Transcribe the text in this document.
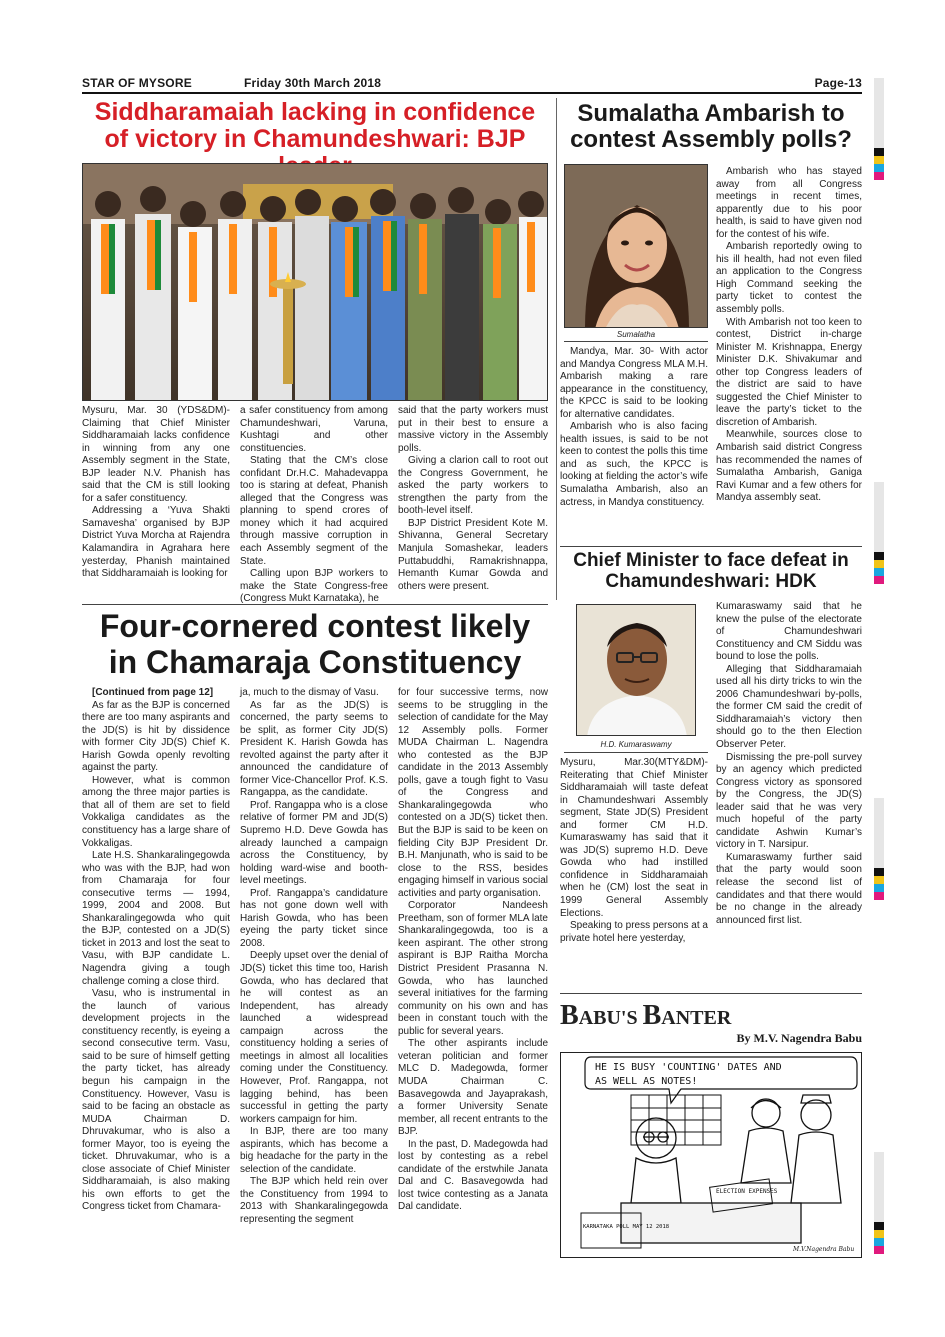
STAR OF MYSORE	Friday 30th March 2018	Page-13
Siddharamaiah lacking in confidence of victory in Chamundeshwari: BJP

Mysuru, Mar. 30 (YDS&DM)- Claiming that Chief Minister Siddharamaiah lacks confidence in winning from any one Assembly segment in the State, BJP leader N.V. Phanish has said that the CM is still looking for a safer constituency.

Addressing a ‘Yuva Shakti Samavesha’ organised by BJP District Yuva Morcha at Rajendra Kalamandira in Agrahara here yesterday, Phanish maintained that Siddharamaiah is looking for

a safer constituency from among Chamundeshwari, Varuna, Kushtagi and other constituencies.

Stating that the CM’s close confidant Dr.H.C. Mahadevappa too is staring at defeat, Phanish alleged that the Congress was planning to spend crores of money which it had acquired through massive corruption in each Assembly segment of the State.

Calling upon BJP workers to make the State Congress-free (Congress Mukt Karnataka), he

said that the party workers must put in their best to ensure a massive victory in the Assembly polls.

Giving a clarion call to root out the Congress Government, he asked the party workers to strengthen the party from the booth-level itself.

BJP District President Kote M. Shivanna, General Secretary Manjula Somashekar, leaders Puttabuddhi, Ramakrishnappa, Hemanth Kumar Gowda and others were present.

Sumalatha Ambarish to contest Assembly polls?
Sumalatha

Mandya, Mar. 30- With actor and Mandya Congress MLA M.H. Ambarish making a rare appearance in the constituency, the KPCC is said to be looking for alternative candidates.

Ambarish who is also facing health issues, is said to be not keen to contest the polls this time and as such, the KPCC is looking at fielding the actor’s wife Sumalatha Ambarish, also an actress, in Mandya constituency.

Ambarish who has stayed away from all Congress meetings in recent times, apparently due to his poor health, is said to have given nod for the contest of his wife.

Ambarish reportedly owing to his ill health, had not even filed an application to the Congress High Command seeking the party ticket to contest the assembly polls.

With Ambarish not too keen to contest, District in-charge Minister M. Krishnappa, Energy Minister D.K. Shivakumar and other top Congress leaders of the district are said to have suggested the Chief Minister to leave the party’s ticket to the discretion of Ambarish.

Meanwhile, sources close to Ambarish said district Congress has recommended the names of Sumalatha Ambarish, Ganiga Ravi Kumar and a few others for Mandya assembly seat.

Chief Minister to face defeat in Chamundeshwari: HDK
H.D. Kumaraswamy

Mysuru, Mar.30(MTY&DM)- Reiterating that Chief Minister Siddharamaiah will taste defeat in Chamundeshwari Assembly segment, State JD(S) President and former CM H.D. Kumaraswamy has said that it was JD(S) supremo H.D. Deve Gowda who had instilled confidence in Siddharamaiah when he (CM) lost the seat in 1999 General Assembly Elections.

Speaking to press persons at a private hotel here yesterday,

Kumaraswamy said that he knew the pulse of the electorate of Chamundeshwari Constituency and CM Siddu was bound to lose the polls.

Alleging that Siddharamaiah used all his dirty tricks to win the 2006 Chamundeshwari by-polls, the former CM said the credit of Siddharamaiah’s victory then should go to the then Election Observer Peter.

Dismissing the pre-poll survey by an agency which predicted Congress victory as sponsored by the Congress, the JD(S) leader said that he was very much hopeful of the party candidate Ashwin Kumar’s victory in T. Narsipur.

Kumaraswamy further said that the party would soon release the second list of candidates and that there would be no change in the already announced first list.

Four-cornered contest likely in Chamaraja Constituency

[Continued from page 12]

As far as the BJP is concerned there are too many aspirants and the JD(S) is hit by dissidence with former City JD(S) Chief K. Harish Gowda openly revolting against the party.

However, what is common among the three major parties is that all of them are set to field Vokkaliga candidates as the constituency has a large share of Vokkaligas.

Late H.S. Shankaralingegowda who was with the BJP, had won from Chamaraja for four consecutive terms — 1994, 1999, 2004 and 2008. But Shankaralingegowda who quit the BJP, contested on a JD(S) ticket in 2013 and lost the seat to Vasu, with BJP candidate L. Nagendra giving a tough challenge coming a close third.

Vasu, who is instrumental in the launch of various development projects in the constituency recently, is eyeing a second consecutive term. Vasu, said to be sure of himself getting the party ticket, has already begun his campaign in the Constituency. However, Vasu is said to be facing an obstacle as MUDA Chairman D. Dhruvakumar, who is also a former Mayor, too is eyeing the ticket. Dhruvakumar, who is a close associate of Chief Minister Siddharamaiah, is also making his own efforts to get the Congress ticket from Chamara-

ja, much to the dismay of Vasu.

As far as the JD(S) is concerned, the party seems to be split, as former City JD(S) President K. Harish Gowda has revolted against the party after it announced the candidature of former Vice-Chancellor Prof. K.S. Rangappa, as the candidate.

Prof. Rangappa who is a close relative of former PM and JD(S) Supremo H.D. Deve Gowda has already launched a campaign across the Constituency, by holding ward-wise and booth-level meetings.

Prof. Rangappa’s candidature has not gone down well with Harish Gowda, who has been eyeing the party ticket since 2008.

Deeply upset over the denial of JD(S) ticket this time too, Harish Gowda, who has declared that he will contest as an Independent, has already launched a widespread campaign across the constituency holding a series of meetings in almost all localities coming under the Constituency. However, Prof. Rangappa, not lagging behind, has been successful in getting the party workers campaign for him.

In BJP, there are too many aspirants, which has become a big headache for the party in the selection of the candidate.

The BJP which held rein over the Constituency from 1994 to 2013 with Shankaralingegowda representing the segment

for four successive terms, now seems to be struggling in the selection of candidate for the May 12 Assembly polls. Former MUDA Chairman L. Nagendra who contested as the BJP candidate in the 2013 Assembly polls, gave a tough fight to Vasu of the Congress and Shankaralingegowda who contested on a JD(S) ticket then. But the BJP is said to be keen on fielding City BJP President Dr. B.H. Manjunath, who is said to be close to the RSS, besides engaging himself in various social activities and party organisation.

Corporator Nandeesh Preetham, son of former MLA late Shankaralingegowda, too is a keen aspirant. The other strong aspirant is BJP Raitha Morcha District President Prasanna N. Gowda, who has launched several initiatives for the farming community on his own and has been in constant touch with the public for several years.

The other aspirants include veteran politician and former MLC D. Madegowda, former MUDA Chairman C. Basavegowda and Jayaprakash, a former University Senate member, all recent entrants to the BJP.

In the past, D. Madegowda had lost by contesting as a rebel candidate of the erstwhile Janata Dal and C. Basavegowda had lost twice contesting as a Janata Dal candidate.

BABU'S BANTER
By M.V. Nagendra Babu
HE IS BUSY 'COUNTING' DATES AND
AS WELL AS NOTES!
ELECTION EXPENSES
KARNATAKA POLL MAY 12 2018
M.V.Nagendra Babu
